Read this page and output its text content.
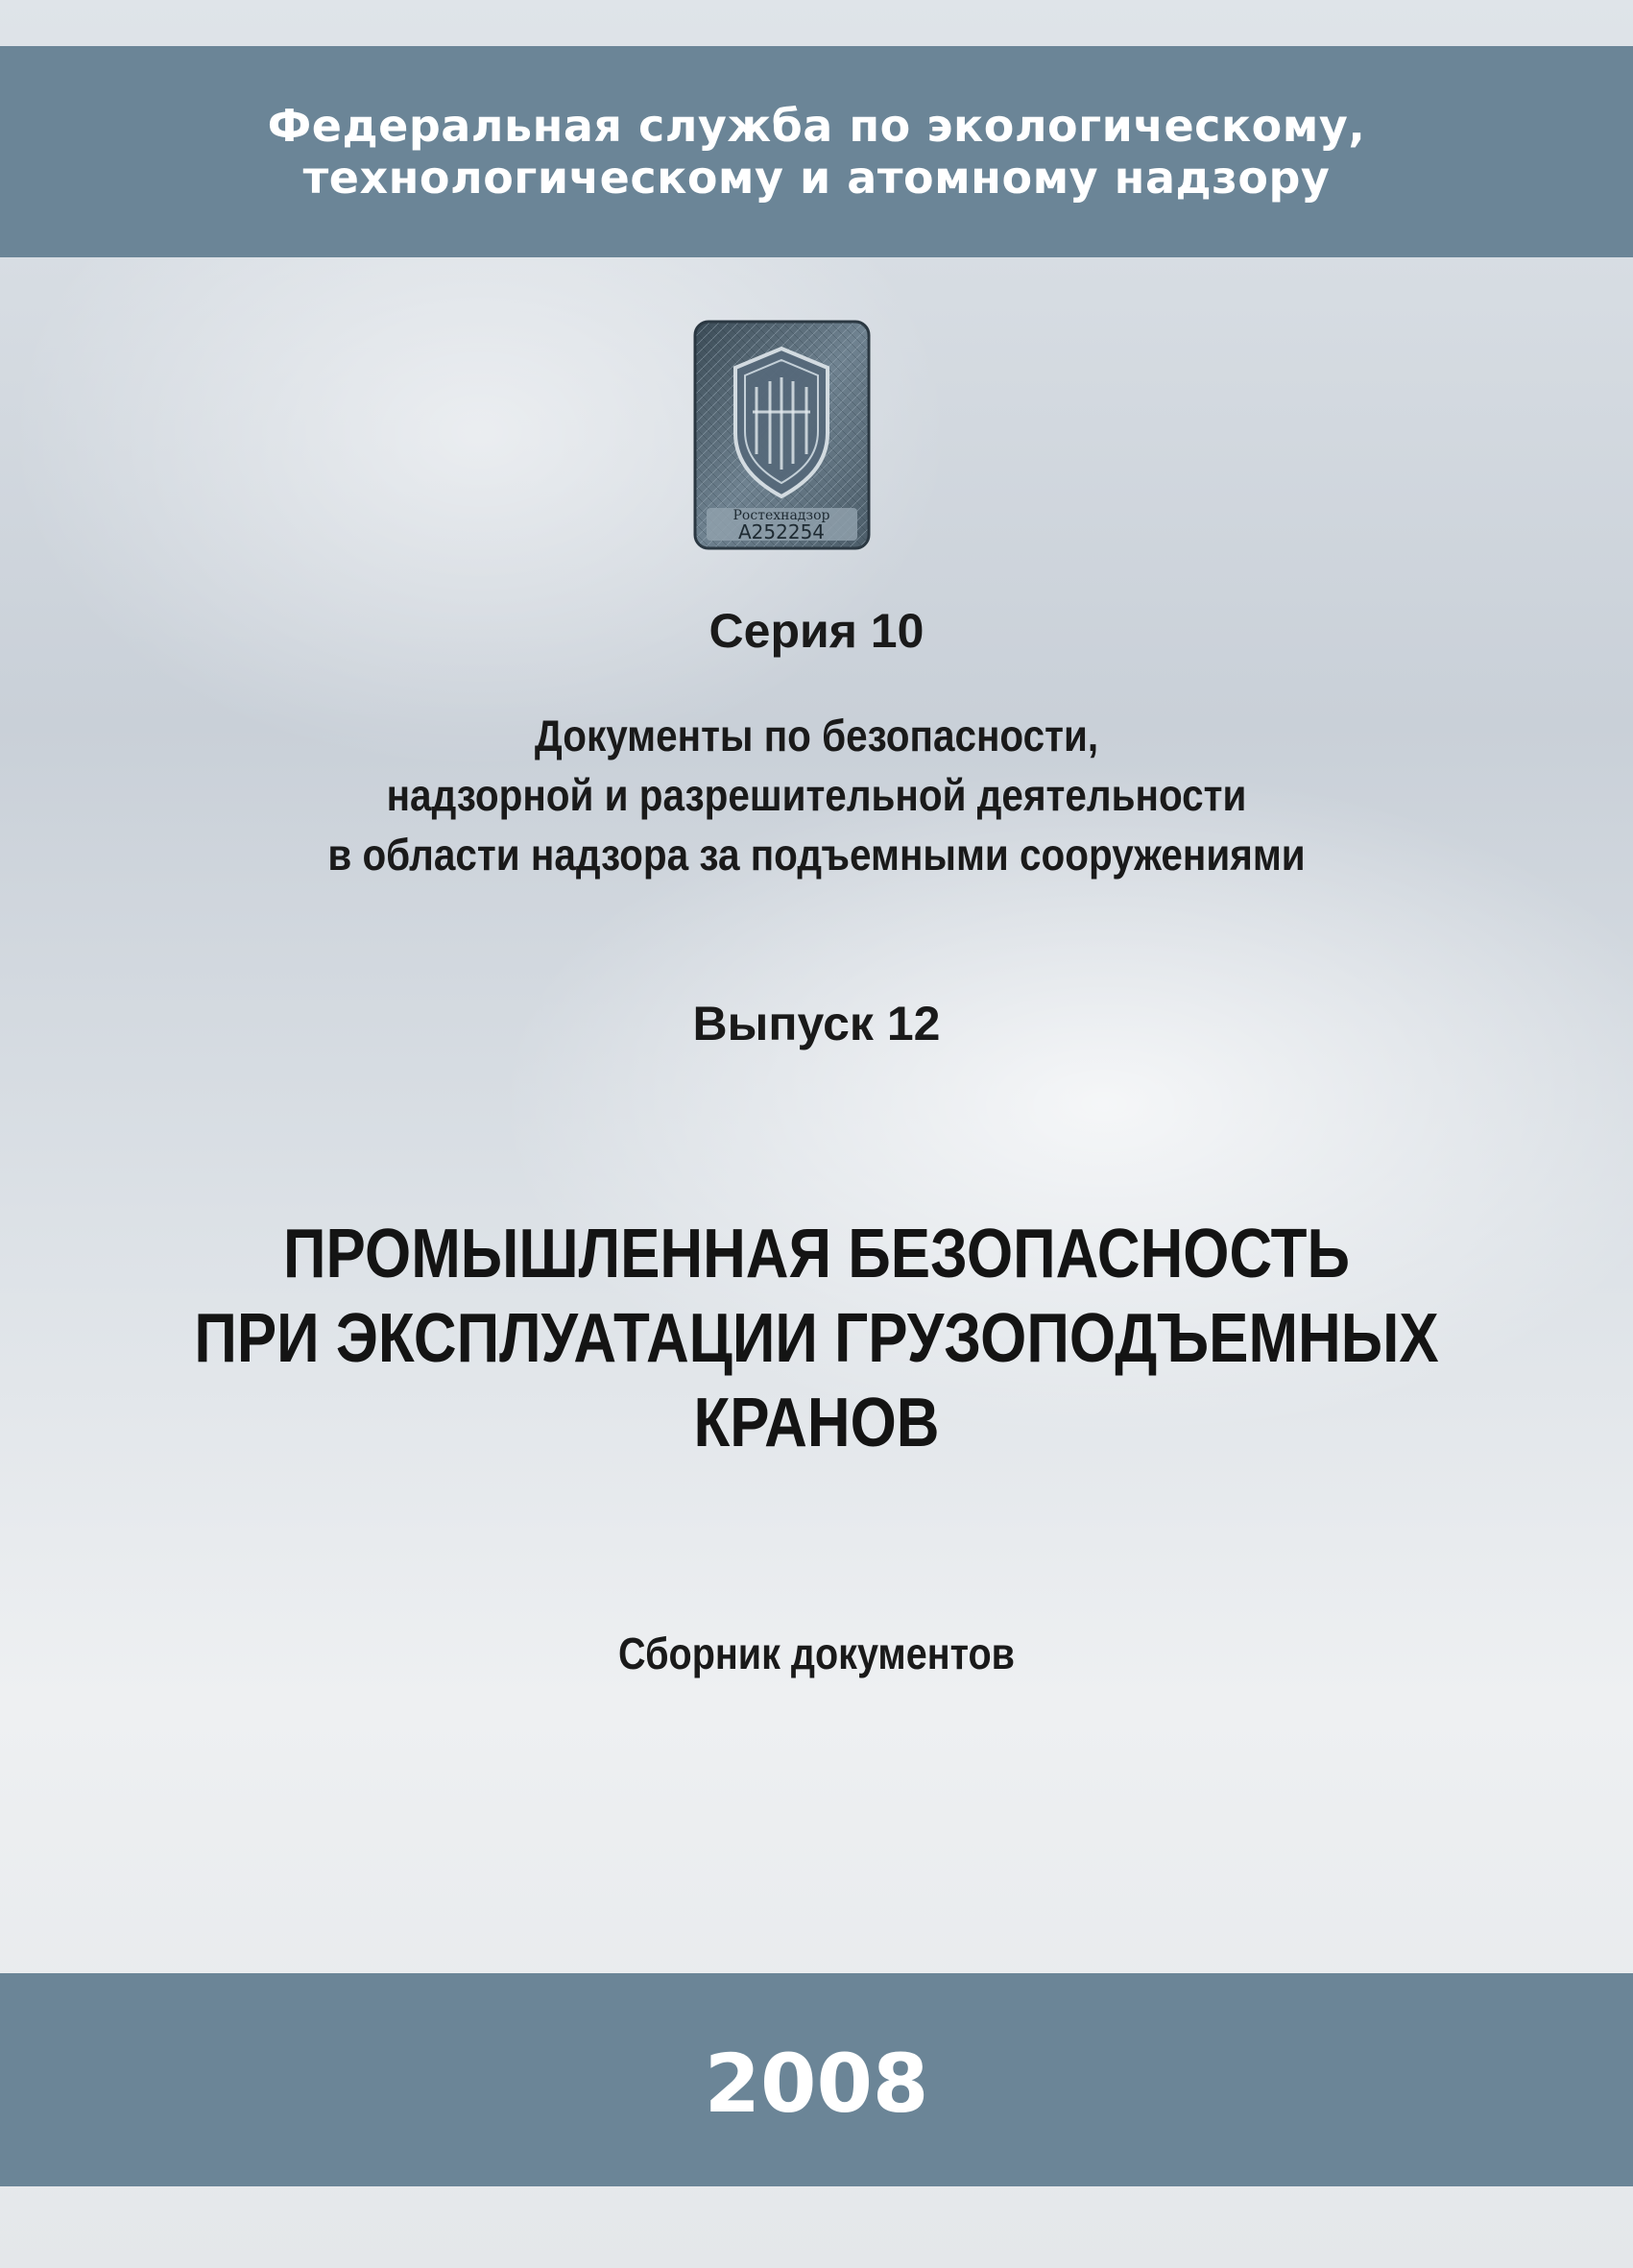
Федеральная служба по экологическому,
технологическому и атомному надзору
Ростехнадзор
A252254
Серия 10
Документы по безопасности,
надзорной и разрешительной деятельности
в области надзора за подъемными сооружениями
Выпуск 12
ПРОМЫШЛЕННАЯ БЕЗОПАСНОСТЬ
ПРИ ЭКСПЛУАТАЦИИ ГРУЗОПОДЪЕМНЫХ
КРАНОВ
Сборник документов
2008
